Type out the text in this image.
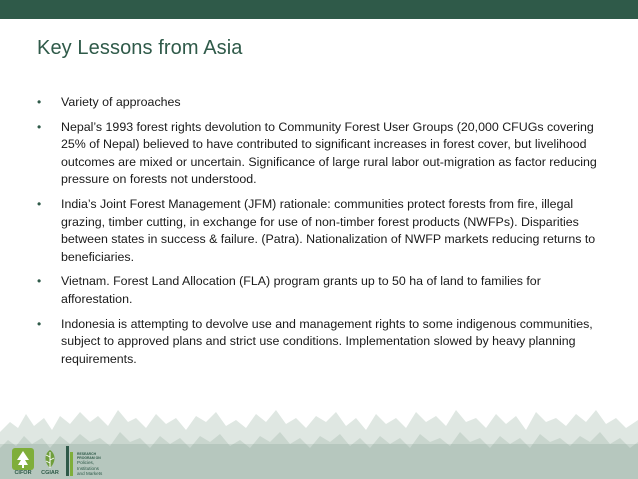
Key Lessons from Asia
•	Variety of approaches
•	Nepal’s 1993 forest rights devolution to Community Forest User Groups (20,000 CFUGs covering 25% of Nepal) believed to have contributed to significant increases in forest cover, but livelihood outcomes are mixed or uncertain. Significance of large rural labor out-migration as factor reducing pressure on forests not understood.
•	India’s Joint Forest Management (JFM) rationale: communities protect forests from fire, illegal grazing, timber cutting, in exchange for use of non-timber forest products (NWFPs). Disparities between states in success & failure. (Patra). Nationalization of NWFP markets reducing returns to beneficiaries.
•	Vietnam. Forest Land Allocation (FLA) program grants up to 50 ha of land to families for afforestation.
•	Indonesia is attempting to devolve use and management rights to some indigenous communities, subject to approved plans and strict use conditions. Implementation slowed by heavy planning requirements.
CIFOR CGIAR
RESEARCH
PROGRAM ON
Policies,
Institutions
and Markets
